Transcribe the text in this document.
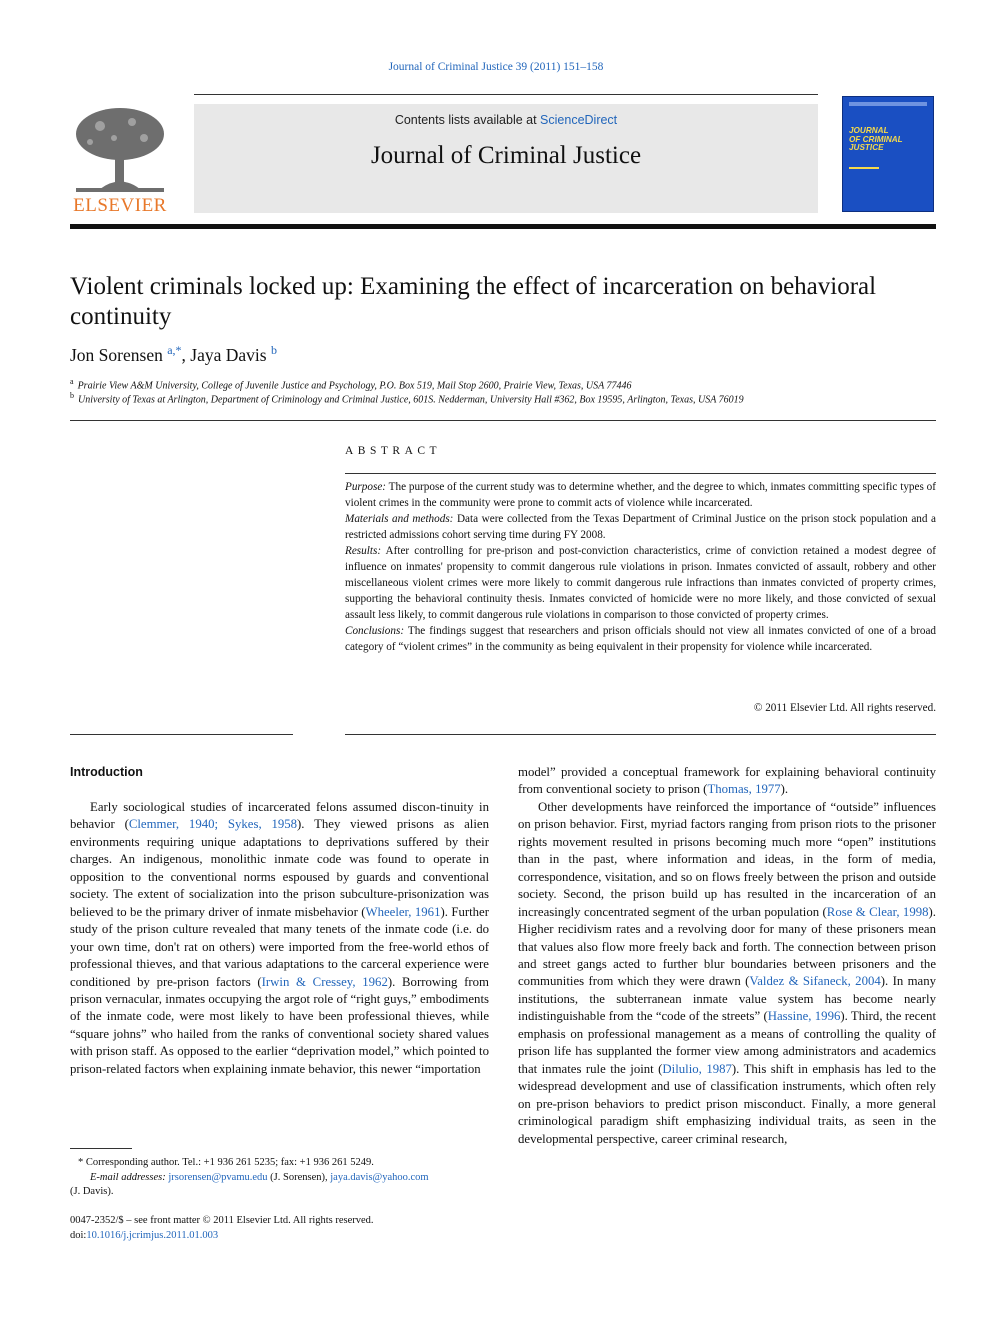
Journal of Criminal Justice 39 (2011) 151–158
ELSEVIER
Contents lists available at ScienceDirect
Journal of Criminal Justice
JOURNAL
OF CRIMINAL
JUSTICE
Violent criminals locked up: Examining the effect of incarceration on behavioral continuity
Jon Sorensen $^{a,*}$, Jaya Davis $^b$
$^a$ Prairie View A&M University, College of Juvenile Justice and Psychology, P.O. Box 519, Mail Stop 2600, Prairie View, Texas, USA 77446
$^b$ University of Texas at Arlington, Department of Criminology and Criminal Justice, 601S. Nedderman, University Hall #362, Box 19595, Arlington, Texas, USA 76019
ABSTRACT

Purpose: The purpose of the current study was to determine whether, and the degree to which, inmates committing specific types of violent crimes in the community were prone to commit acts of violence while incarcerated.

Materials and methods: Data were collected from the Texas Department of Criminal Justice on the prison stock population and a restricted admissions cohort serving time during FY 2008.

Results: After controlling for pre-prison and post-conviction characteristics, crime of conviction retained a modest degree of influence on inmates' propensity to commit dangerous rule violations in prison. Inmates convicted of assault, robbery and other miscellaneous violent crimes were more likely to commit dangerous rule infractions than inmates convicted of property crimes, supporting the behavioral continuity thesis. Inmates convicted of homicide were no more likely, and those convicted of sexual assault less likely, to commit dangerous rule violations in comparison to those convicted of property crimes.

Conclusions: The findings suggest that researchers and prison officials should not view all inmates convicted of one of a broad category of “violent crimes” in the community as being equivalent in their propensity for violence while incarcerated.

© 2011 Elsevier Ltd. All rights reserved.
Introduction

Early sociological studies of incarcerated felons assumed discon-tinuity in behavior (Clemmer, 1940; Sykes, 1958). They viewed prisons as alien environments requiring unique adaptations to deprivations suffered by their charges. An indigenous, monolithic inmate code was found to operate in opposition to the conventional norms espoused by guards and conventional society. The extent of socialization into the prison subculture-prisonization was believed to be the primary driver of inmate misbehavior (Wheeler, 1961). Further study of the prison culture revealed that many tenets of the inmate code (i.e. do your own time, don't rat on others) were imported from the free-world ethos of professional thieves, and that various adaptations to the carceral experience were conditioned by pre-prison factors (Irwin & Cressey, 1962). Borrowing from prison vernacular, inmates occupying the argot role of “right guys,” embodiments of the inmate code, were most likely to have been professional thieves, while “square johns” who hailed from the ranks of conventional society shared values with prison staff. As opposed to the earlier “deprivation model,” which pointed to prison-related factors when explaining inmate behavior, this newer “importation

model” provided a conceptual framework for explaining behavioral continuity from conventional society to prison (Thomas, 1977).

Other developments have reinforced the importance of “outside” influences on prison behavior. First, myriad factors ranging from prison riots to the prisoner rights movement resulted in prisons becoming much more “open” institutions than in the past, where information and ideas, in the form of media, correspondence, visitation, and so on flows freely between the prison and outside society. Second, the prison build up has resulted in the incarceration of an increasingly concentrated segment of the urban population (Rose & Clear, 1998). Higher recidivism rates and a revolving door for many of these prisoners mean that values also flow more freely back and forth. The connection between prison and street gangs acted to further blur boundaries between prisoners and the communities from which they were drawn (Valdez & Sifaneck, 2004). In many institutions, the subterranean inmate value system has become nearly indistinguishable from the “code of the streets” (Hassine, 1996). Third, the recent emphasis on professional management as a means of controlling the quality of prison life has supplanted the former view among administrators and academics that inmates rule the joint (Dilulio, 1987). This shift in emphasis has led to the widespread development and use of classification instruments, which often rely on pre-prison behaviors to predict prison misconduct. Finally, a more general criminological paradigm shift emphasizing individual traits, as seen in the developmental perspective, career criminal research,

* Corresponding author. Tel.: +1 936 261 5235; fax: +1 936 261 5249.

E-mail addresses: jrsorensen@pvamu.edu (J. Sorensen), jaya.davis@yahoo.com

(J. Davis).

0047-2352/$ – see front matter © 2011 Elsevier Ltd. All rights reserved.

doi:10.1016/j.jcrimjus.2011.01.003
